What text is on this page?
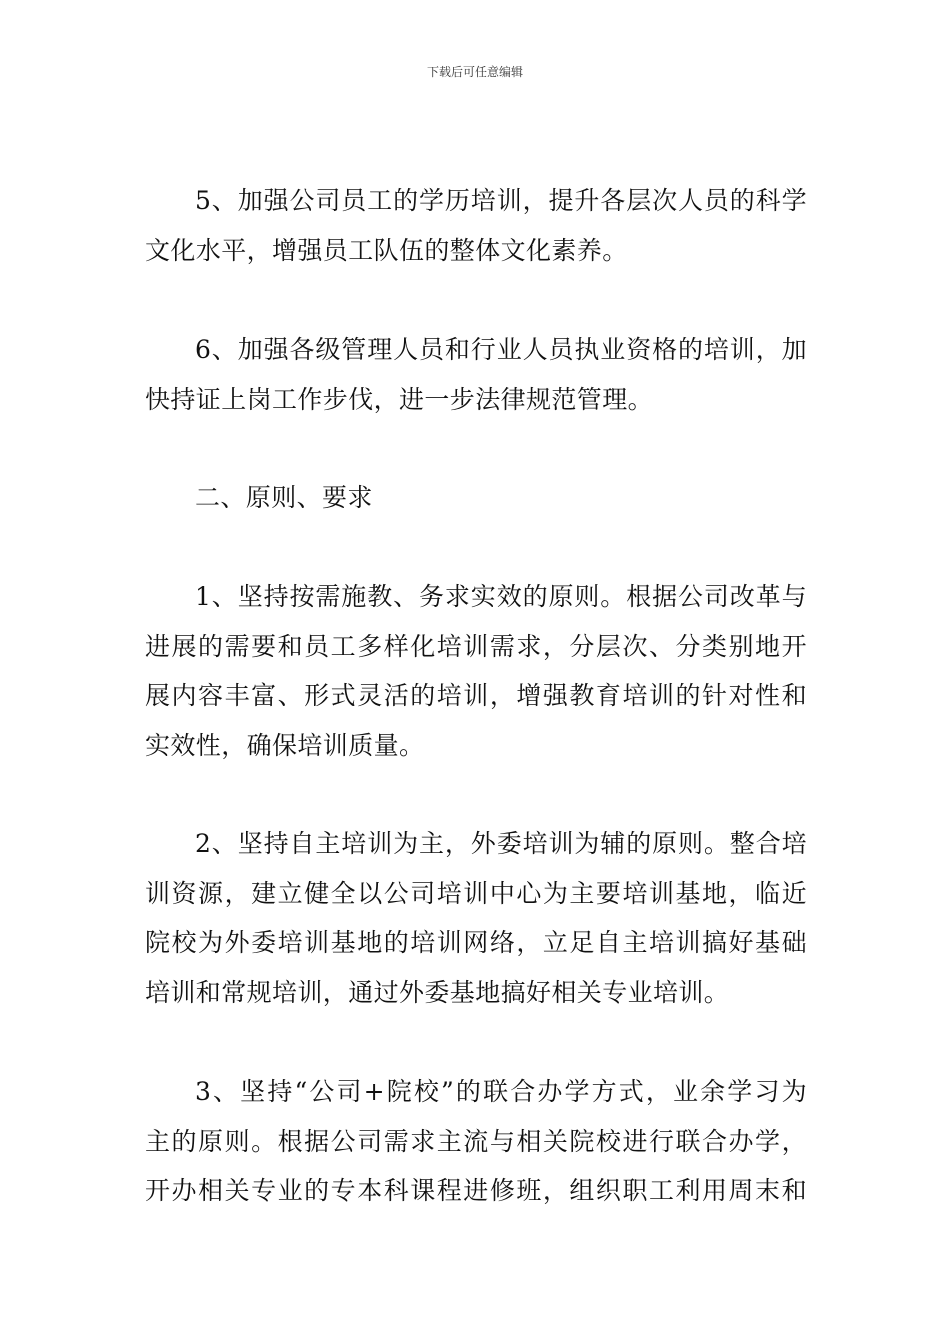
下载后可任意编辑
5、加强公司员工的学历培训，提升各层次人员的科学
文化水平，增强员工队伍的整体文化素养。
6、加强各级管理人员和行业人员执业资格的培训，加
快持证上岗工作步伐，进一步法律规范管理。
二、原则、要求
1、坚持按需施教、务求实效的原则。根据公司改革与
进展的需要和员工多样化培训需求，分层次、分类别地开
展内容丰富、形式灵活的培训，增强教育培训的针对性和
实效性，确保培训质量。
2、坚持自主培训为主，外委培训为辅的原则。整合培
训资源，建立健全以公司培训中心为主要培训基地，临近
院校为外委培训基地的培训网络，立足自主培训搞好基础
培训和常规培训，通过外委基地搞好相关专业培训。
3、坚持“公司+院校”的联合办学方式，业余学习为
主的原则。根据公司需求主流与相关院校进行联合办学，
开办相关专业的专本科课程进修班，组织职工利用周末和
